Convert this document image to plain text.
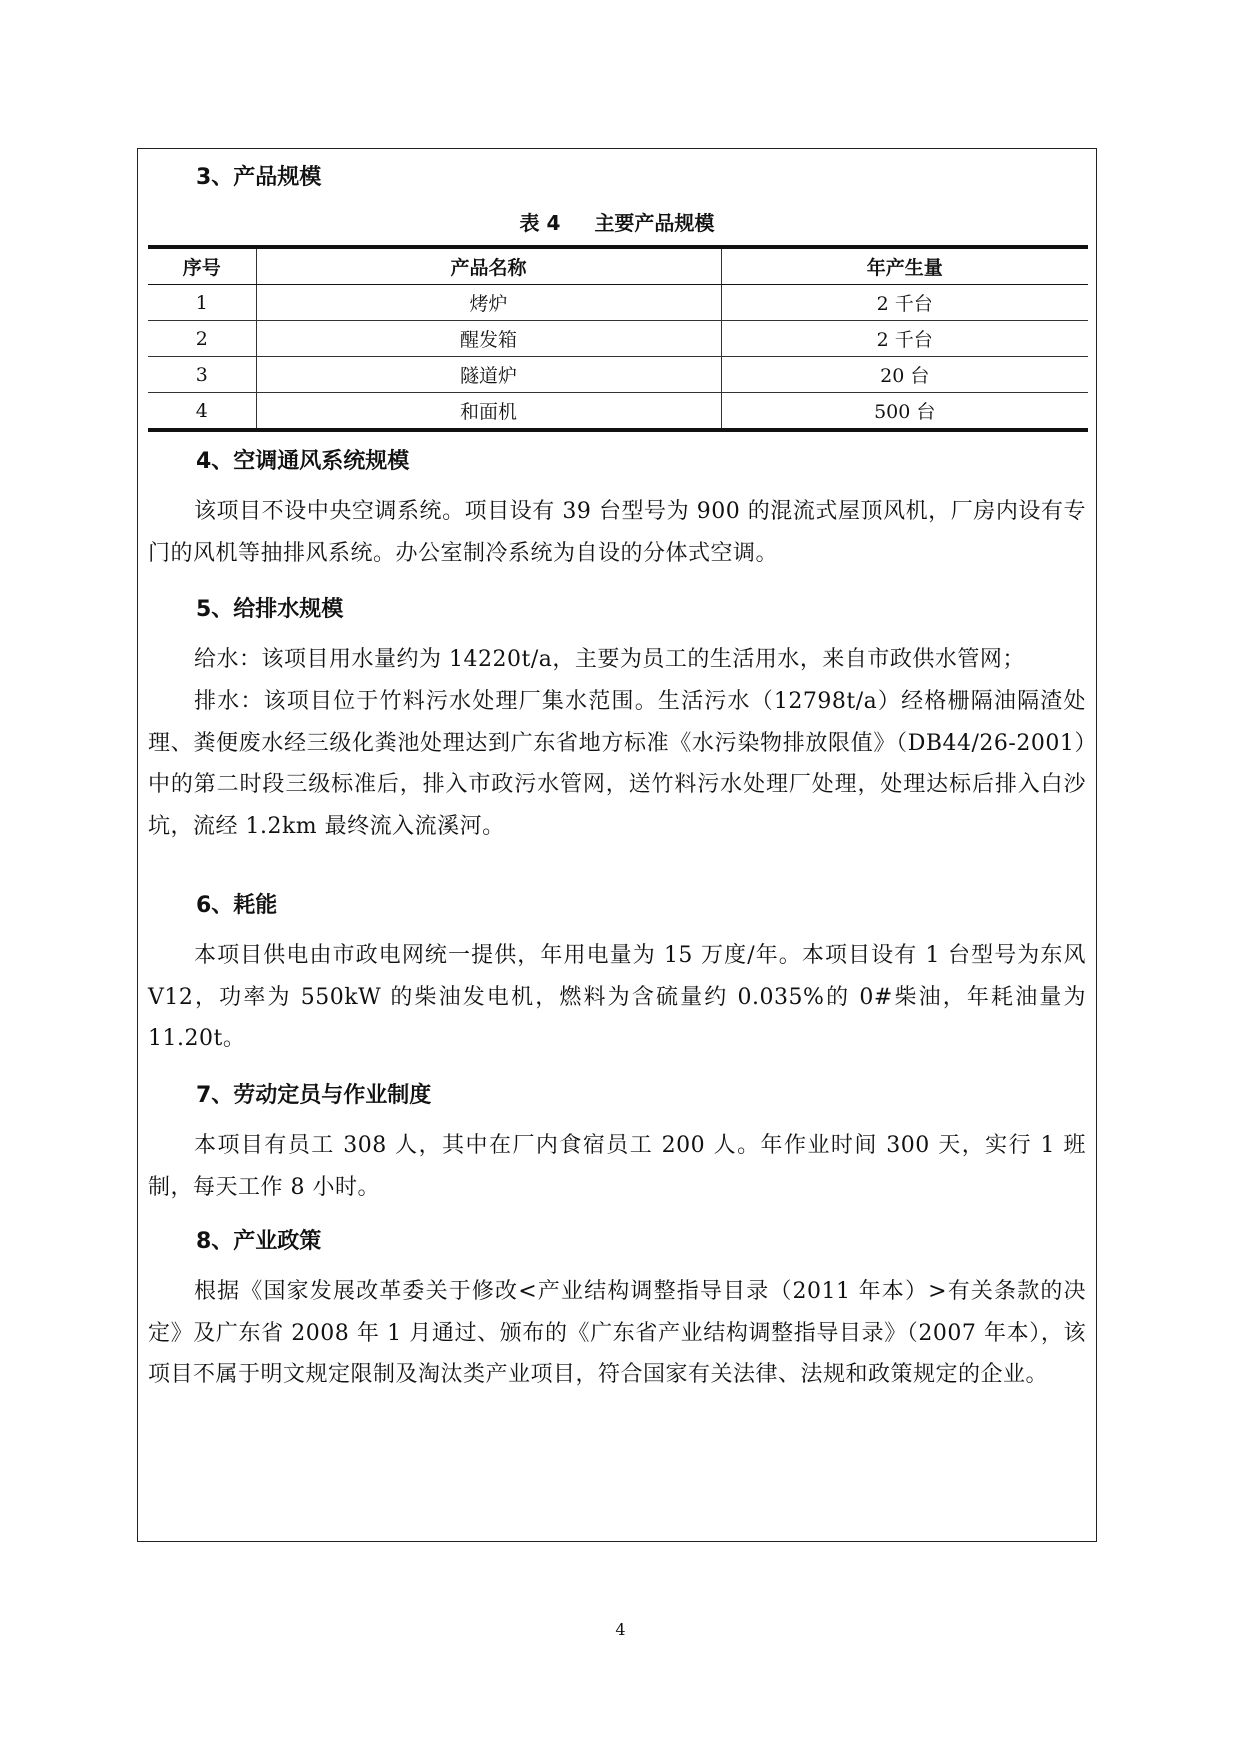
3、产品规模
表 4 主要产品规模
序号	产品名称	年产生量
1	烤炉	2 千台
2	醒发箱	2 千台
3	隧道炉	20 台
4	和面机	500 台
4、空调通风系统规模
该项目不设中央空调系统。项目设有 39 台型号为 900 的混流式屋顶风机，厂房内设有专门的风机等抽排风系统。办公室制冷系统为自设的分体式空调。
5、给排水规模
给水：该项目用水量约为 14220t/a，主要为员工的生活用水，来自市政供水管网；
排水：该项目位于竹料污水处理厂集水范围。生活污水（12798t/a）经格栅隔油隔渣处理、粪便废水经三级化粪池处理达到广东省地方标准《水污染物排放限值》（DB44/26-2001）中的第二时段三级标准后，排入市政污水管网，送竹料污水处理厂处理，处理达标后排入白沙坑，流经 1.2km 最终流入流溪河。
6、耗能
本项目供电由市政电网统一提供，年用电量为 15 万度/年。本项目设有 1 台型号为东风 V12，功率为 550kW 的柴油发电机，燃料为含硫量约 0.035%的 0#柴油，年耗油量为 11.20t。
7、劳动定员与作业制度
本项目有员工 308 人，其中在厂内食宿员工 200 人。年作业时间 300 天，实行 1 班制，每天工作 8 小时。
8、产业政策
根据《国家发展改革委关于修改<产业结构调整指导目录（2011 年本）>有关条款的决定》及广东省 2008 年 1 月通过、颁布的《广东省产业结构调整指导目录》（2007 年本），该项目不属于明文规定限制及淘汰类产业项目，符合国家有关法律、法规和政策规定的企业。
4
